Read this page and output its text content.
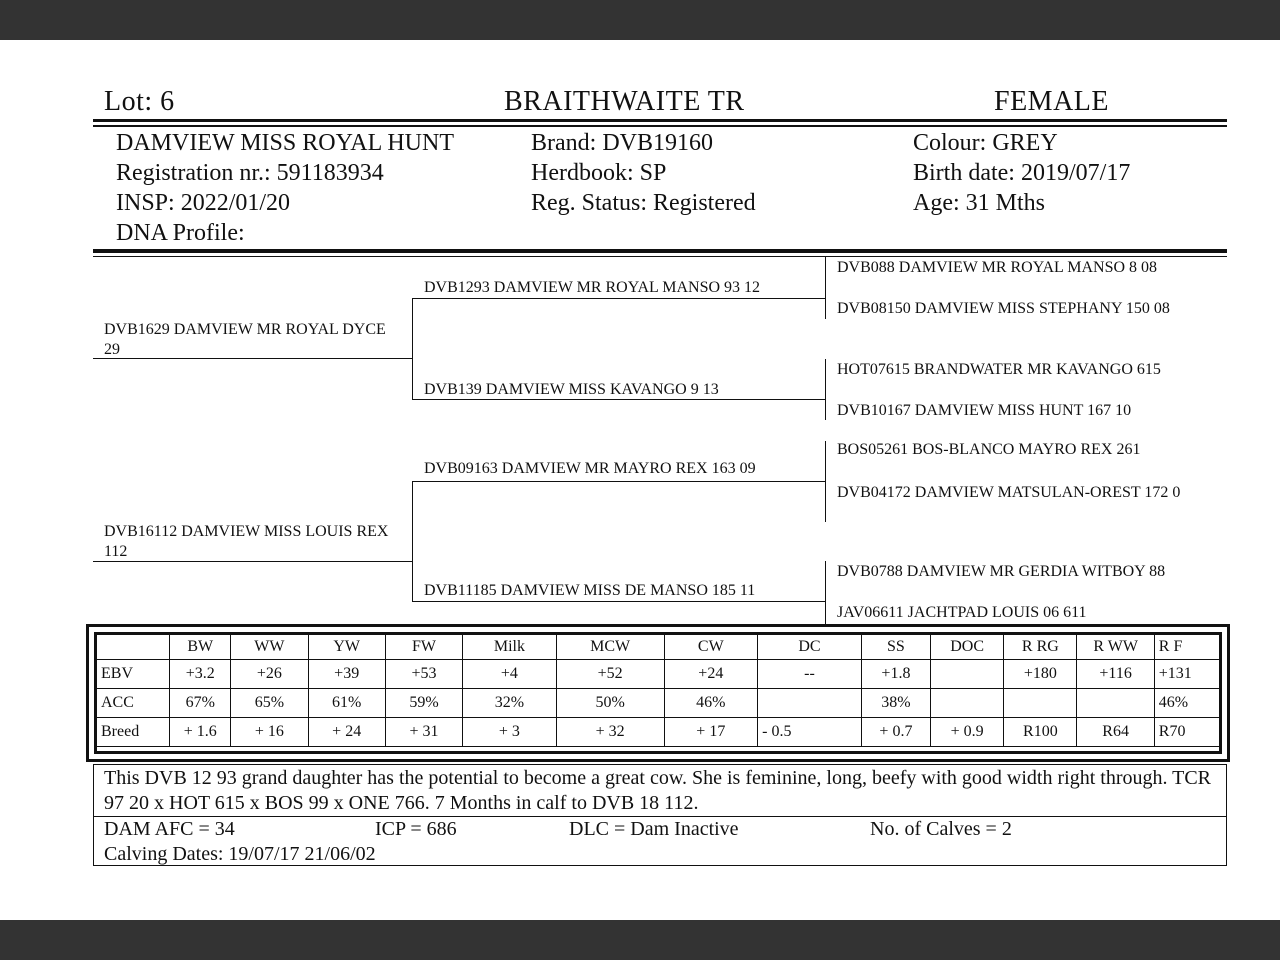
Lot: 6	BRAITHWAITE TR	FEMALE
DAMVIEW MISS ROYAL HUNT
Registration nr.: 591183934
INSP: 2022/01/20
DNA Profile:
Brand: DVB19160
Herdbook: SP
Reg. Status: Registered
Colour: GREY
Birth date: 2019/07/17
Age: 31 Mths
DVB1629 DAMVIEW MR ROYAL DYCE 29
DVB16112 DAMVIEW MISS LOUIS REX 112
DVB1293 DAMVIEW MR ROYAL MANSO 93 12
DVB139 DAMVIEW MISS KAVANGO 9 13
DVB09163 DAMVIEW MR MAYRO REX 163 09
DVB11185 DAMVIEW MISS DE MANSO 185 11
DVB088 DAMVIEW MR ROYAL MANSO 8 08
DVB08150 DAMVIEW MISS STEPHANY 150 08
HOT07615 BRANDWATER MR KAVANGO 615
DVB10167 DAMVIEW MISS HUNT 167 10
BOS05261 BOS-BLANCO MAYRO REX 261
DVB04172 DAMVIEW MATSULAN-OREST 172 0
DVB0788 DAMVIEW MR GERDIA WITBOY 88
JAV06611 JACHTPAD LOUIS 06 611
	BW	WW	YW	FW	Milk	MCW	CW	DC	SS	DOC	R RG	R WW	R F
EBV	+3.2	+26	+39	+53	+4	+52	+24	--	+1.8		+180	+116	+131
ACC	67%	65%	61%	59%	32%	50%	46%		38%				46%
Breed	+ 1.6	+ 16	+ 24	+ 31	+ 3	+ 32	+ 17	- 0.5	+ 0.7	+ 0.9	R100	R64	R70
This DVB 12 93 grand daughter has the potential to become a great cow. She is feminine, long, beefy with good width right through. TCR 97 20 x HOT 615 x BOS 99 x ONE 766. 7 Months in calf to DVB 18 112.
DAM AFC = 34	ICP = 686	DLC = Dam Inactive	No. of Calves = 2
Calving Dates: 19/07/17 21/06/02
